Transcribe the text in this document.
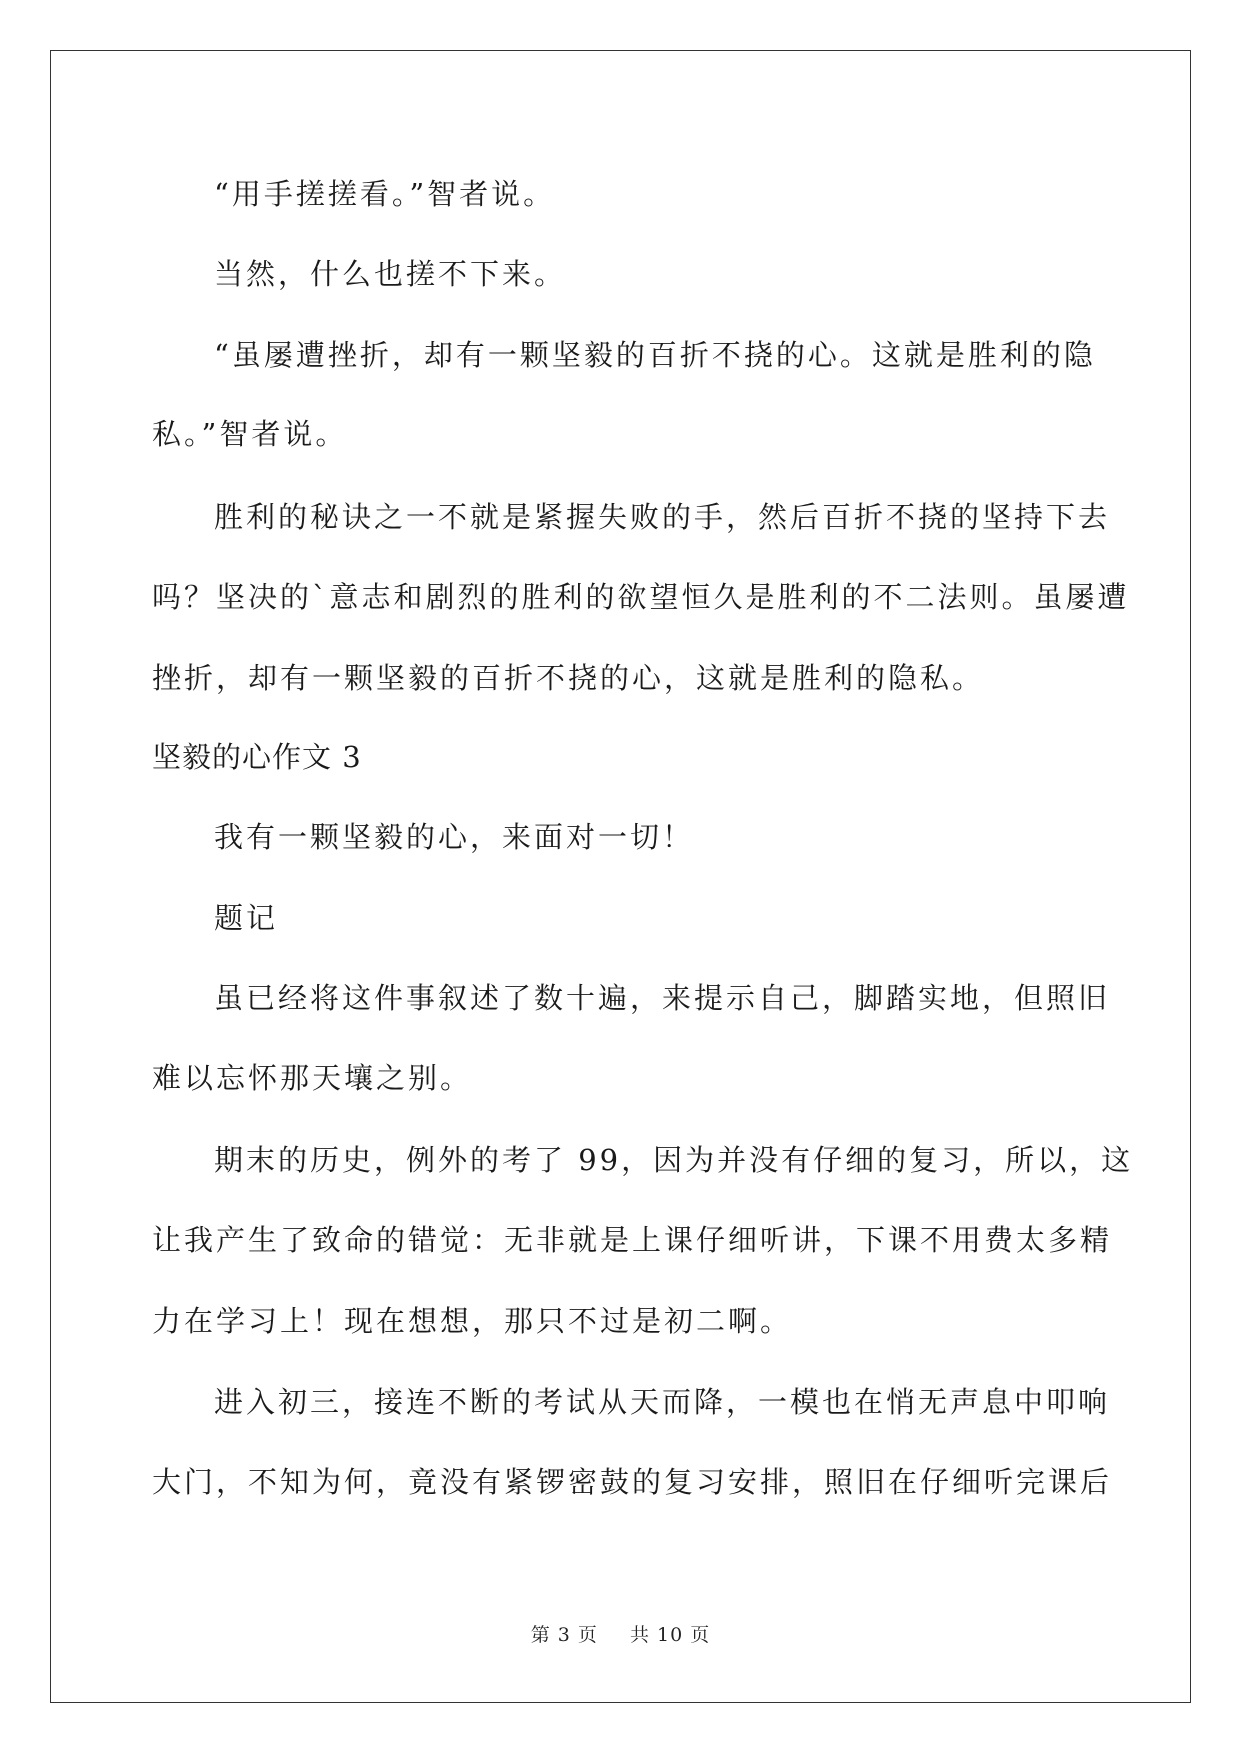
“用手搓搓看。”智者说。
当然，什么也搓不下来。
“虽屡遭挫折，却有一颗坚毅的百折不挠的心。这就是胜利的隐
私。”智者说。
胜利的秘诀之一不就是紧握失败的手，然后百折不挠的坚持下去
吗？坚决的`意志和剧烈的胜利的欲望恒久是胜利的不二法则。虽屡遭
挫折，却有一颗坚毅的百折不挠的心，这就是胜利的隐私。
坚毅的心作文 3
我有一颗坚毅的心，来面对一切！
题记
虽已经将这件事叙述了数十遍，来提示自己，脚踏实地，但照旧
难以忘怀那天壤之别。
期末的历史，例外的考了 99，因为并没有仔细的复习，所以，这
让我产生了致命的错觉：无非就是上课仔细听讲，下课不用费太多精
力在学习上！现在想想，那只不过是初二啊。
进入初三，接连不断的考试从天而降，一模也在悄无声息中叩响
大门，不知为何，竟没有紧锣密鼓的复习安排，照旧在仔细听完课后
第 3 页 共 10 页
